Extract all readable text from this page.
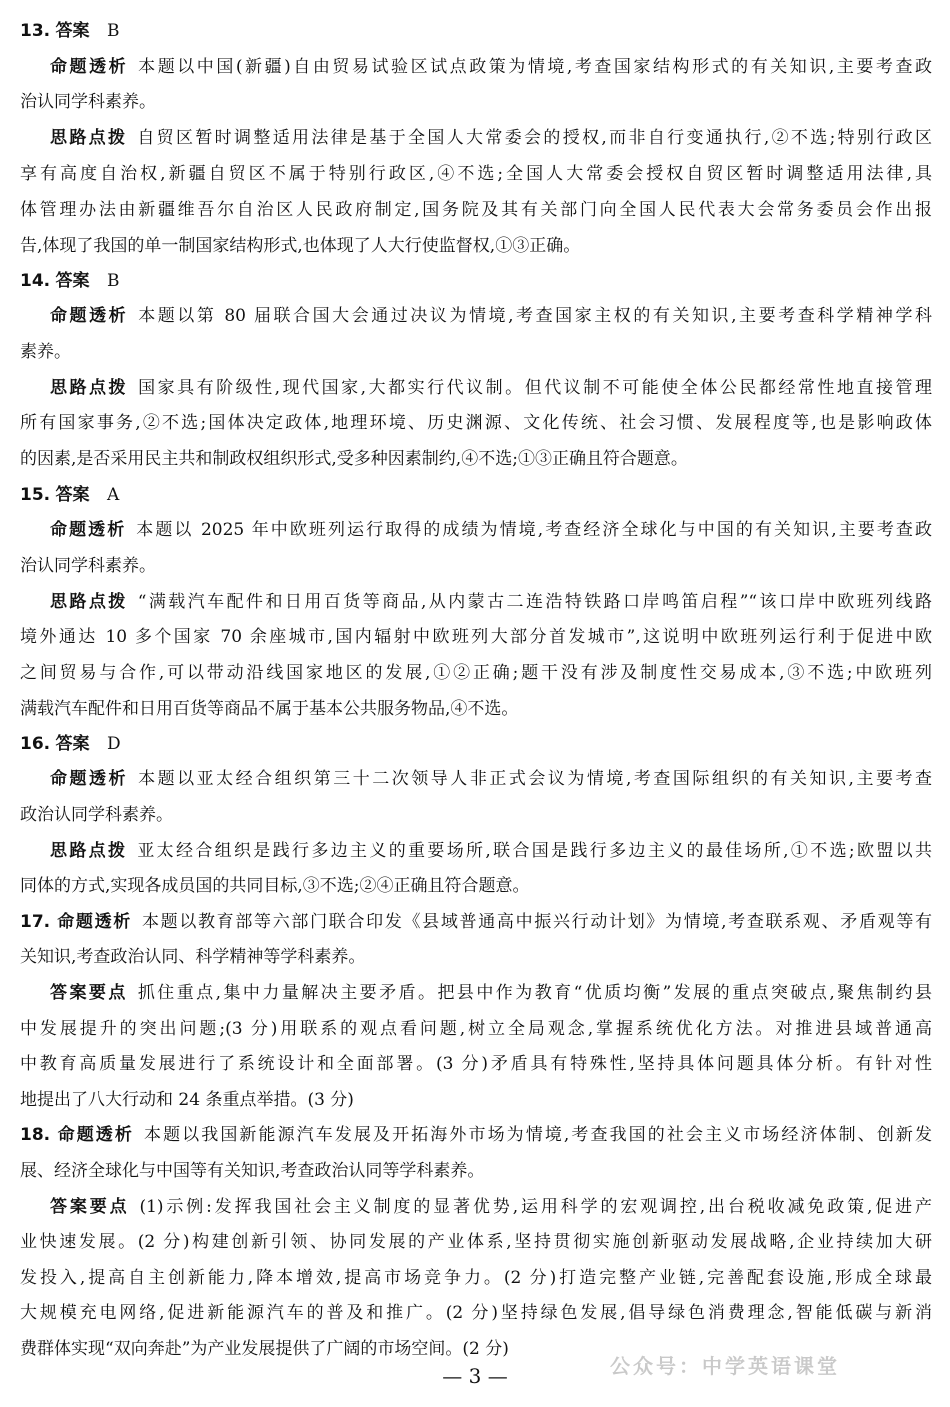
13. 答案 B
命题透析 本题以中国(新疆)自由贸易试验区试点政策为情境,考查国家结构形式的有关知识,主要考查政
治认同学科素养。
思路点拨 自贸区暂时调整适用法律是基于全国人大常委会的授权,而非自行变通执行,②不选;特别行政区
享有高度自治权,新疆自贸区不属于特别行政区,④不选;全国人大常委会授权自贸区暂时调整适用法律,具
体管理办法由新疆维吾尔自治区人民政府制定,国务院及其有关部门向全国人民代表大会常务委员会作出报
告,体现了我国的单一制国家结构形式,也体现了人大行使监督权,①③正确。
14. 答案 B
命题透析 本题以第 80 届联合国大会通过决议为情境,考查国家主权的有关知识,主要考查科学精神学科
素养。
思路点拨 国家具有阶级性,现代国家,大都实行代议制。但代议制不可能使全体公民都经常性地直接管理
所有国家事务,②不选;国体决定政体,地理环境、历史渊源、文化传统、社会习惯、发展程度等,也是影响政体
的因素,是否采用民主共和制政权组织形式,受多种因素制约,④不选;①③正确且符合题意。
15. 答案 A
命题透析 本题以 2025 年中欧班列运行取得的成绩为情境,考查经济全球化与中国的有关知识,主要考查政
治认同学科素养。
思路点拨 “满载汽车配件和日用百货等商品,从内蒙古二连浩特铁路口岸鸣笛启程”“该口岸中欧班列线路
境外通达 10 多个国家 70 余座城市,国内辐射中欧班列大部分首发城市”,这说明中欧班列运行利于促进中欧
之间贸易与合作,可以带动沿线国家地区的发展,①②正确;题干没有涉及制度性交易成本,③不选;中欧班列
满载汽车配件和日用百货等商品不属于基本公共服务物品,④不选。
16. 答案 D
命题透析 本题以亚太经合组织第三十二次领导人非正式会议为情境,考查国际组织的有关知识,主要考查
政治认同学科素养。
思路点拨 亚太经合组织是践行多边主义的重要场所,联合国是践行多边主义的最佳场所,①不选;欧盟以共
同体的方式,实现各成员国的共同目标,③不选;②④正确且符合题意。
17. 命题透析 本题以教育部等六部门联合印发《县域普通高中振兴行动计划》为情境,考查联系观、矛盾观等有
关知识,考查政治认同、科学精神等学科素养。
答案要点 抓住重点,集中力量解决主要矛盾。把县中作为教育“优质均衡”发展的重点突破点,聚焦制约县
中发展提升的突出问题;(3 分)用联系的观点看问题,树立全局观念,掌握系统优化方法。对推进县域普通高
中教育高质量发展进行了系统设计和全面部署。(3 分)矛盾具有特殊性,坚持具体问题具体分析。有针对性
地提出了八大行动和 24 条重点举措。(3 分)
18. 命题透析 本题以我国新能源汽车发展及开拓海外市场为情境,考查我国的社会主义市场经济体制、创新发
展、经济全球化与中国等有关知识,考查政治认同等学科素养。
答案要点 (1)示例:发挥我国社会主义制度的显著优势,运用科学的宏观调控,出台税收减免政策,促进产
业快速发展。(2 分)构建创新引领、协同发展的产业体系,坚持贯彻实施创新驱动发展战略,企业持续加大研
发投入,提高自主创新能力,降本增效,提高市场竞争力。(2 分)打造完整产业链,完善配套设施,形成全球最
大规模充电网络,促进新能源汽车的普及和推广。(2 分)坚持绿色发展,倡导绿色消费理念,智能低碳与新消
费群体实现“双向奔赴”为产业发展提供了广阔的市场空间。(2 分)
— 3 —	公众号：中学英语课堂
